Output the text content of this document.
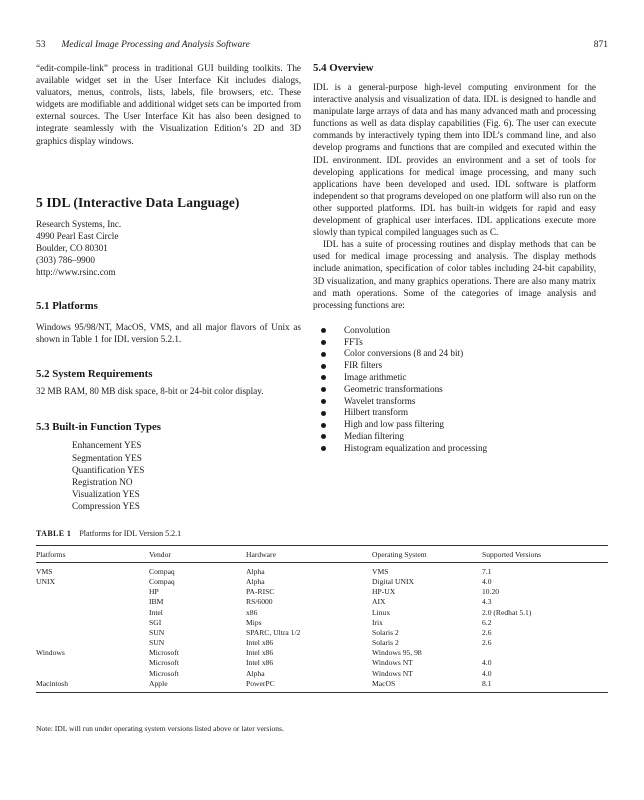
53 Medical Image Processing and Analysis Software	871

“edit-compile-link” process in traditional GUI building toolkits. The available widget set in the User Interface Kit includes dialogs, valuators, menus, controls, lists, labels, file browsers, etc. These widgets are modifiable and additional widget sets can be imported from external sources. The User Interface Kit has also been designed to integrate seamlessly with the Visualization Edition’s 2D and 3D graphics display windows.

5 IDL (Interactive Data Language)
Research Systems, Inc.
4990 Pearl East Circle
Boulder, CO 80301
(303) 786–9900
http://www.rsinc.com
5.1 Platforms

Windows 95/98/NT, MacOS, VMS, and all major flavors of Unix as shown in Table 1 for IDL version 5.2.1.

5.2 System Requirements

32 MB RAM, 80 MB disk space, 8-bit or 24-bit color display.

5.3 Built-in Function Types
Enhancement YES
Segmentation YES
Quantification YES
Registration NO
Visualization YES
Compression YES
5.4 Overview

IDL is a general-purpose high-level computing environment for the interactive analysis and visualization of data. IDL is designed to handle and manipulate large arrays of data and has many advanced math and processing functions as well as data display capabilities (Fig. 6). The user can execute commands by interactively typing them into IDL’s command line, and also develop programs and functions that are compiled and executed within the IDL environment. IDL provides an environment and a set of tools for developing applications for medical image processing, and many such applications have been developed and used. IDL software is platform independent so that programs developed on one platform will also run on the other supported platforms. IDL has built-in widgets for rapid and easy development of graphical user interfaces. IDL applications execute more slowly than typical compiled languages such as C.

IDL has a suite of processing routines and display methods that can be used for medical image processing and analysis. The display methods include animation, specification of color tables including 24-bit capability, 3D visualization, and many graphics operations. There are also many matrix and math operations. Some of the categories of image analysis and processing functions are:

Convolution
FFTs
Color conversions (8 and 24 bit)
FIR filters
Image arithmetic
Geometric transformations
Wavelet transforms
Hilbert transform
High and low pass filtering
Median filtering
Histogram equalization and processing
TABLE 1 Platforms for IDL Version 5.2.1
Platforms	Vendor	Hardware	Operating System	Supported Versions
VMS	Compaq	Alpha	VMS	7.1
UNIX	Compaq	Alpha	Digital UNIX	4.0
	HP	PA-RISC	HP-UX	10.20
	IBM	RS/6000	AIX	4.3
	Intel	x86	Linux	2.0 (Redhat 5.1)
	SGI	Mips	Irix	6.2
	SUN	SPARC, Ultra 1/2	Solaris 2	2.6
	SUN	Intel x86	Solaris 2	2.6
Windows	Microsoft	Intel x86	Windows 95, 98	
	Microsoft	Intel x86	Windows NT	4.0
	Microsoft	Alpha	Windows NT	4.0
Macintosh	Apple	PowerPC	MacOS	8.1
Note: IDL will run under operating system versions listed above or later versions.
